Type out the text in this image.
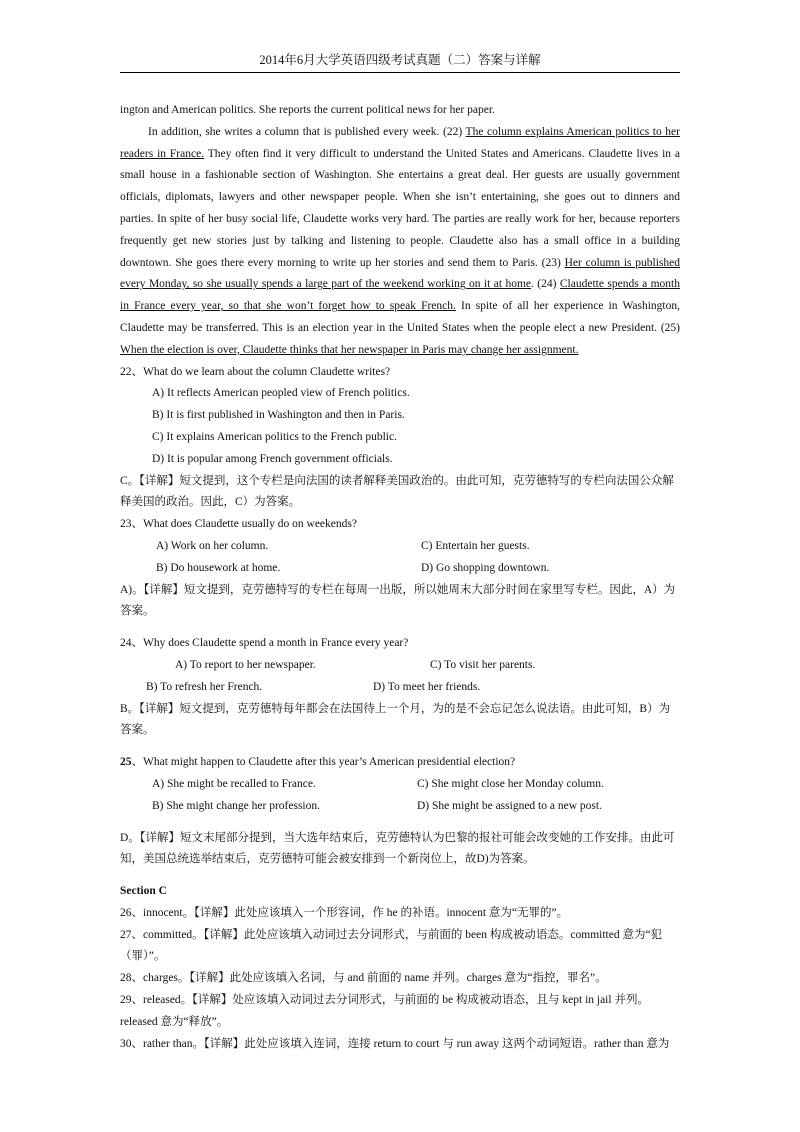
2014年6月大学英语四级考试真题（二）答案与详解

ington and American politics. She reports the current political news for her paper.

In addition, she writes a column that is published every week. (22) The column explains American politics to her readers in France. They often find it very difficult to understand the United States and Americans. Claudette lives in a small house in a fashionable section of Washington. She entertains a great deal. Her guests are usually government officials, diplomats, lawyers and other newspaper people. When she isn’t entertaining, she goes out to dinners and parties. In spite of her busy social life, Claudette works very hard. The parties are really work for her, because reporters frequently get new stories just by talking and listening to people. Claudette also has a small office in a building downtown. She goes there every morning to write up her stories and send them to Paris. (23) Her column is published every Monday, so she usually spends a large part of the weekend working on it at home. (24) Claudette spends a month in France every year, so that she won’t forget how to speak French. In spite of all her experience in Washington, Claudette may be transferred. This is an election year in the United States when the people elect a new President. (25) When the election is over, Claudette thinks that her newspaper in Paris may change her assignment.

22、What do we learn about the column Claudette writes?

A) It reflects American peopled view of French politics.

B) It is first published in Washington and then in Paris.

C) It explains American politics to the French public.

D) It is popular among French government officials.

C。【详解】短文提到，这个专栏是向法国的读者解释美国政治的。由此可知，克劳德特写的专栏向法国公众解释美国的政治。因此，C）为答案。

23、What does Claudette usually do on weekends?

A) Work on her column.	C) Entertain her guests.

B) Do housework at home.	D) Go shopping downtown.

A)。【详解】短文提到，克劳德特写的专栏在每周一出版，所以她周末大部分时间在家里写专栏。因此，A）为答案。

24、Why does Claudette spend a month in France every year?

A) To report to her newspaper.	C) To visit her parents.

B) To refresh her French.	D) To meet her friends.

B。【详解】短文提到，克劳德特每年都会在法国待上一个月，为的是不会忘记怎么说法语。由此可知，B）为答案。

25、What might happen to Claudette after this year’s American presidential election?

A) She might be recalled to France.	C) She might close her Monday column.

B) She might change her profession.	D) She might be assigned to a new post.

D。【详解】短文末尾部分提到，当大选年结束后，克劳德特认为巴黎的报社可能会改变她的工作安排。由此可知，美国总统选举结束后，克劳德特可能会被安排到一个新岗位上，故D)为答案。

Section C

26、innocent。【详解】此处应该填入一个形容词，作 he 的补语。innocent 意为“无罪的”。

27、committed。【详解】此处应该填入动词过去分词形式，与前面的 been 构成被动语态。committed 意为“犯（罪）”。

28、charges。【详解】此处应该填入名词，与 and 前面的 name 并列。charges 意为“指控，罪名”。

29、released。【详解】处应该填入动词过去分词形式，与前面的 be 构成被动语态，且与 kept in jail 并列。released 意为“释放”。

30、rather than。【详解】此处应该填入连词，连接 return to court 与 run away 这两个动词短语。rather than 意为
